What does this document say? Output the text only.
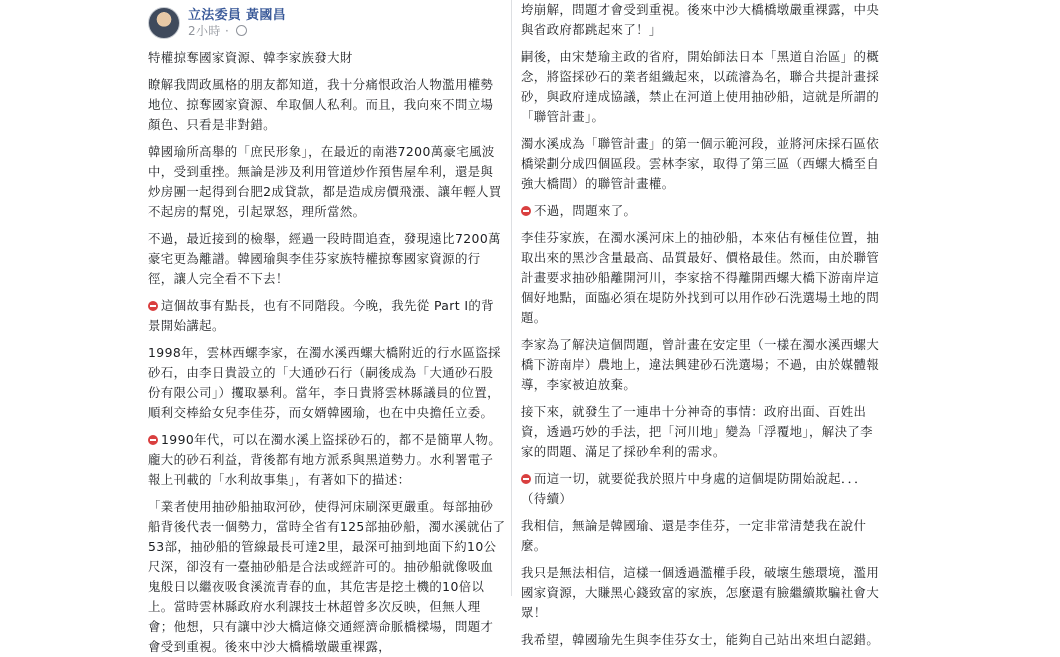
立法委員 黃國昌
2小時 ·
特權掠奪國家資源、韓李家族發大財
瞭解我問政風格的朋友都知道，我十分痛恨政治人物濫用權勢地位、掠奪國家資源、牟取個人私利。而且，我向來不問立場顏色、只看是非對錯。
韓國瑜所高舉的「庶民形象」，在最近的南港7200萬豪宅風波中，受到重挫。無論是涉及利用管道炒作預售屋牟利，還是與炒房團一起得到台肥2成貸款，都是造成房價飛漲、讓年輕人買不起房的幫兇，引起眾怒，理所當然。
不過，最近接到的檢舉，經過一段時間追查，發現遠比7200萬豪宅更為離譜。韓國瑜與李佳芬家族特權掠奪國家資源的行徑，讓人完全看不下去！
這個故事有點長，也有不同階段。今晚，我先從 Part I的背景開始講起。
1998年，雲林西螺李家，在濁水溪西螺大橋附近的行水區盜採砂石，由李日貴設立的「大通砂石行（嗣後成為「大通砂石股份有限公司」）攫取暴利。當年，李日貴將雲林縣議員的位置，順利交棒給女兒李佳芬，而女婿韓國瑜，也在中央擔任立委。
1990年代，可以在濁水溪上盜採砂石的，都不是簡單人物。龐大的砂石利益，背後都有地方派系與黑道勢力。水利署電子報上刊載的「水利故事集」，有著如下的描述：
「業者使用抽砂船抽取河砂，使得河床刷深更嚴重。每部抽砂船背後代表一個勢力，當時全省有125部抽砂船，濁水溪就佔了53部，抽砂船的管線最長可達2里，最深可抽到地面下約10公尺深，卻沒有一臺抽砂船是合法或經許可的。抽砂船就像吸血鬼般日以繼夜吸食溪流青春的血，其危害是挖土機的10倍以上。當時雲林縣政府水利課技士林超曾多次反映，但無人理會；他想，只有讓中沙大橋這條交通經濟命脈橋樑場，問題才會受到重視。後來中沙大橋橋墩嚴重裸露，
垮崩解，問題才會受到重視。後來中沙大橋橋墩嚴重裸露，中央與省政府都跳起來了！」
嗣後，由宋楚瑜主政的省府，開始師法日本「黑道自治區」的概念，將盜採砂石的業者組織起來，以疏濬為名，聯合共提計畫採砂，與政府達成協議，禁止在河道上使用抽砂船，這就是所謂的「聯管計畫」。
濁水溪成為「聯管計畫」的第一個示範河段，並將河床採石區依橋梁劃分成四個區段。雲林李家，取得了第三區（西螺大橋至自強大橋間）的聯管計畫權。
不過，問題來了。
李佳芬家族，在濁水溪河床上的抽砂船，本來佔有極佳位置，抽取出來的黑沙含量最高、品質最好、價格最佳。然而，由於聯管計畫要求抽砂船離開河川，李家捨不得離開西螺大橋下游南岸這個好地點，面臨必須在堤防外找到可以用作砂石洗選場土地的問題。
李家為了解決這個問題，曾計畫在安定里（一樣在濁水溪西螺大橋下游南岸）農地上，違法興建砂石洗選場；不過，由於媒體報導，李家被迫放棄。
接下來，就發生了一連串十分神奇的事情：政府出面、百姓出資，透過巧妙的手法，把「河川地」變為「浮覆地」，解決了李家的問題、滿足了採砂牟利的需求。
而這一切，就要從我於照片中身處的這個堤防開始說起．．．（待續）
我相信，無論是韓國瑜、還是李佳芬，一定非常清楚我在說什麼。
我只是無法相信，這樣一個透過濫權手段，破壞生態環境，濫用國家資源，大賺黑心錢致富的家族，怎麼還有臉繼續欺騙社會大眾！
我希望，韓國瑜先生與李佳芬女士，能夠自己站出來坦白認錯。
